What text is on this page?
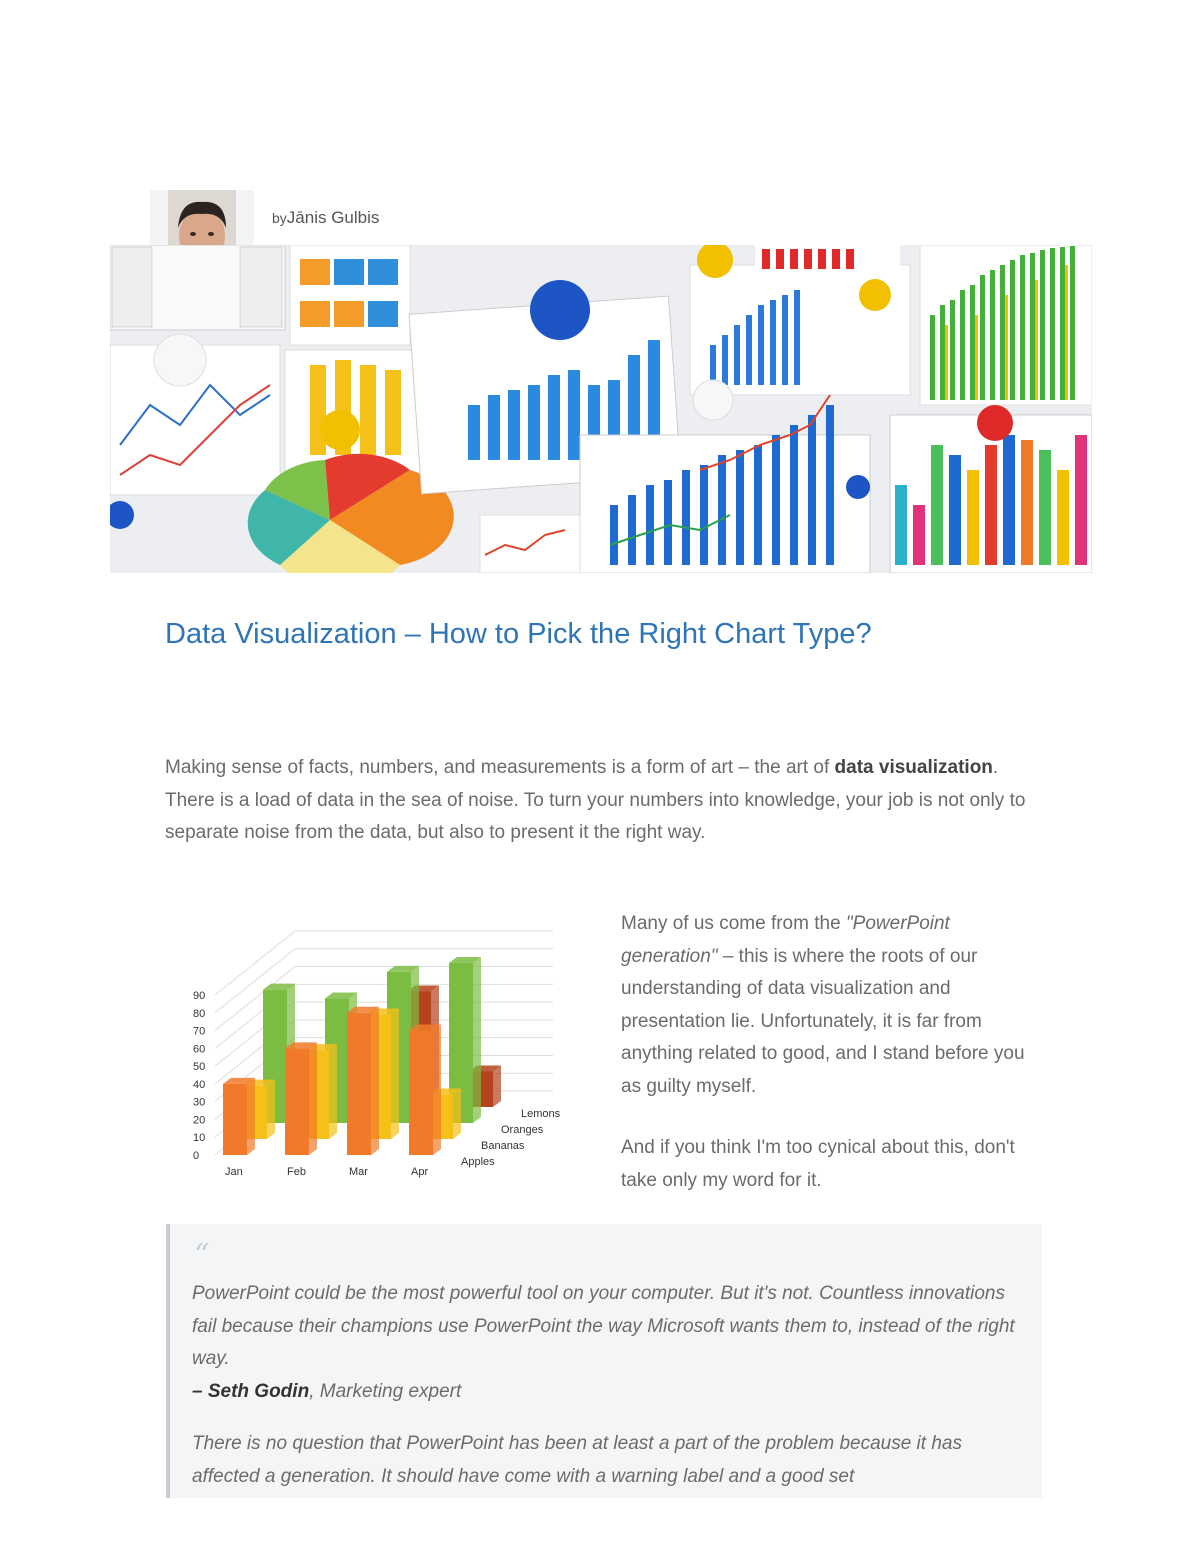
byJānis Gulbis
Data Visualization – How to Pick the Right Chart Type?

Making sense of facts, numbers, and measurements is a form of art – the art of data visualization. There is a load of data in the sea of noise. To turn your numbers into knowledge, your job is not only to separate noise from the data, but also to present it the right way.

0
10
20
30
40
50
60
70
80
90
Lemons
Oranges
Bananas
Apples
Jan	Feb	Mar	Apr

Many of us come from the "PowerPoint generation" – this is where the roots of our understanding of data visualization and presentation lie. Unfortunately, it is far from anything related to good, and I stand before you as guilty myself.

And if you think I'm too cynical about this, don't take only my word for it.

“

PowerPoint could be the most powerful tool on your computer. But it's not. Countless innovations fail because their champions use PowerPoint the way Microsoft wants them to, instead of the right way.

– Seth Godin, Marketing expert

There is no question that PowerPoint has been at least a part of the problem because it has affected a generation. It should have come with a warning label and a good set
